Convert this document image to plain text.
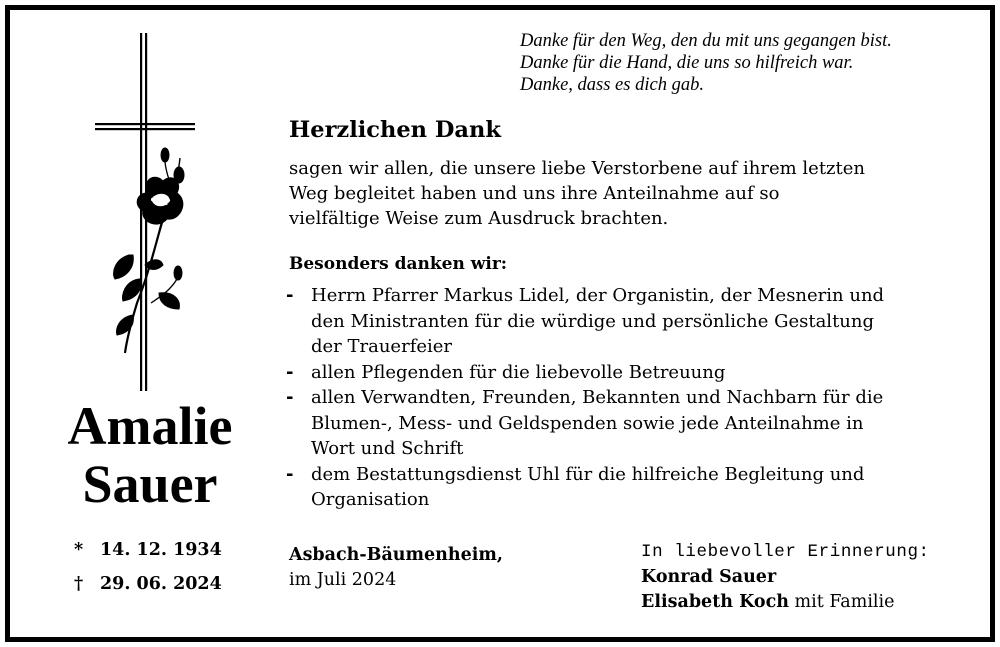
Danke für den Weg, den du mit uns gegangen bist.
Danke für die Hand, die uns so hilfreich war.
Danke, dass es dich gab.
Amalie
Sauer
* 14. 12. 1934
† 29. 06. 2024
Herzlichen Dank
sagen wir allen, die unsere liebe Verstorbene auf ihrem letzten
Weg begleitet haben und uns ihre Anteilnahme auf so
vielfältige Weise zum Ausdruck brachten.
Besonders danken wir:
- Herrn Pfarrer Markus Lidel, der Organistin, der Mesnerin und
den Ministranten für die würdige und persönliche Gestaltung
der Trauerfeier
- allen Pflegenden für die liebevolle Betreuung
- allen Verwandten, Freunden, Bekannten und Nachbarn für die
Blumen-, Mess- und Geldspenden sowie jede Anteilnahme in
Wort und Schrift
- dem Bestattungsdienst Uhl für die hilfreiche Begleitung und
Organisation
Asbach-Bäumenheim,
im Juli 2024
In liebevoller Erinnerung:
Konrad Sauer
Elisabeth Koch mit Familie
